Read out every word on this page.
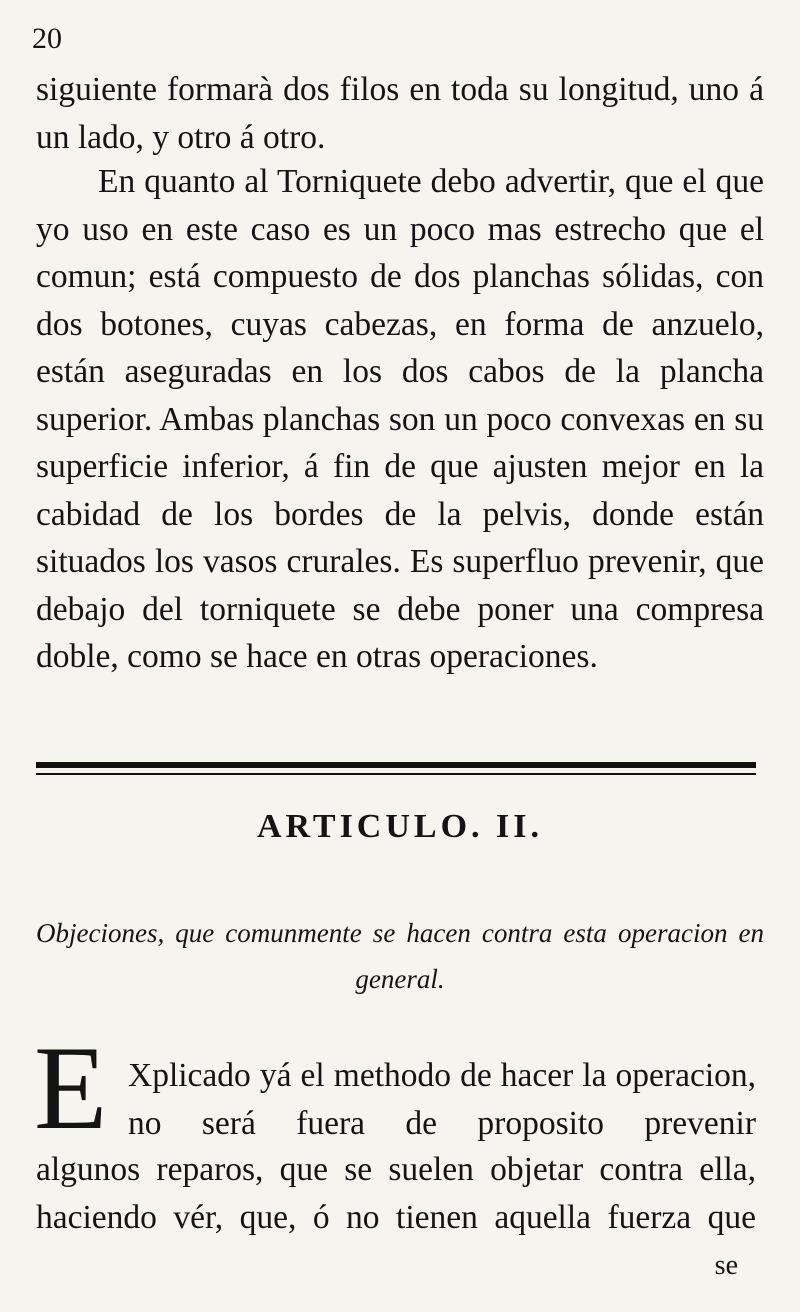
20

siguiente formarà dos filos en toda su longitud, uno á un lado, y otro á otro.

En quanto al Torniquete debo advertir, que el que yo uso en este caso es un poco mas estrecho que el comun; está compuesto de dos planchas sólidas, con dos botones, cuyas cabezas, en forma de anzuelo, están aseguradas en los dos cabos de la plancha superior. Ambas planchas son un poco convexas en su superficie inferior, á fin de que ajusten mejor en la cabidad de los bordes de la pelvis, donde están situados los vasos crurales. Es superfluo prevenir, que debajo del torniquete se debe poner una compresa doble, como se hace en otras operaciones.

ARTICULO. II.

Objeciones, que comunmente se hacen contra esta operacion en general.

E Xplicado yá el methodo de hacer la operacion, no será fuera de proposito prevenir

algunos reparos, que se suelen objetar contra ella, haciendo vér, que, ó no tienen aquella fuerza que

se
